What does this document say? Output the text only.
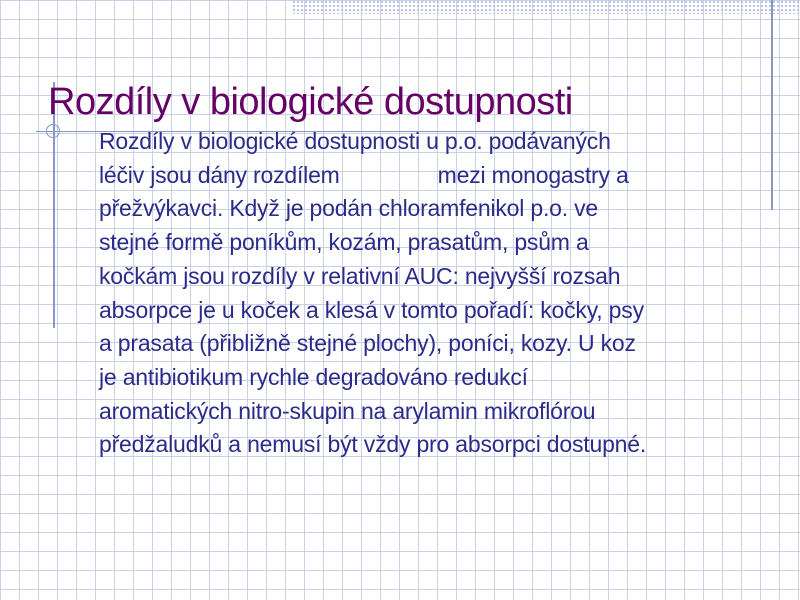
Rozdíly v biologické dostupnosti

Rozdíly v biologické dostupnosti u p.o. podávaných
léčiv jsou dány rozdílem	mezi monogastry a
přežvýkavci. Když je podán chloramfenikol p.o. ve
stejné formě poníkům, kozám, prasatům, psům a
kočkám jsou rozdíly v relativní AUC: nejvyšší rozsah
absorpce je u koček a klesá v tomto pořadí: kočky, psy
a prasata (přibližně stejné plochy), poníci, kozy. U koz
je antibiotikum rychle degradováno redukcí
aromatických nitro-skupin na arylamin mikroflórou
předžaludků a nemusí být vždy pro absorpci dostupné.
